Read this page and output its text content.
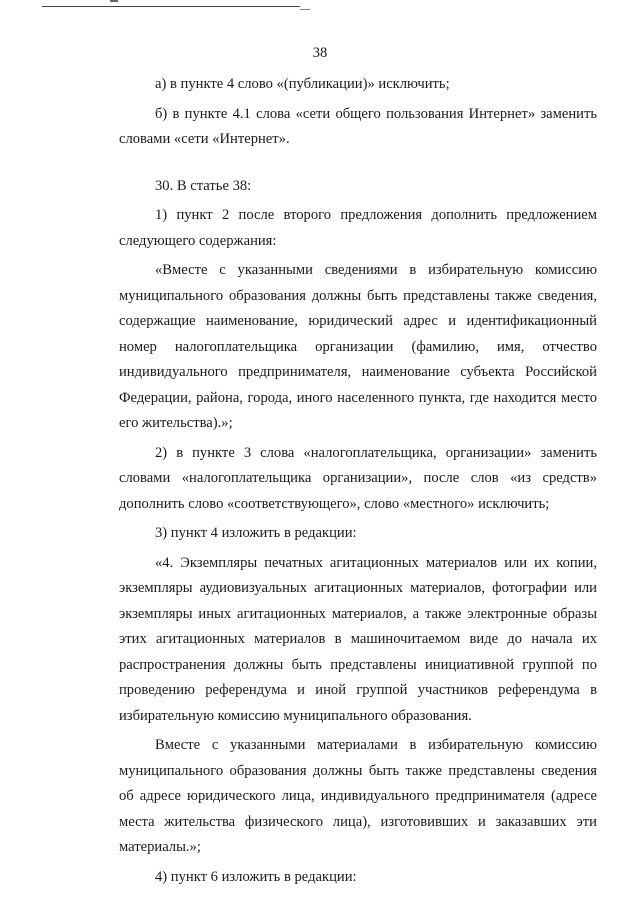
38

а) в пункте 4 слово «(публикации)» исключить;

б) в пункте 4.1 слова «сети общего пользования Интернет» заменить словами «сети «Интернет».

30. В статье 38:

1) пункт 2 после второго предложения дополнить предложением следующего содержания:

«Вместе с указанными сведениями в избирательную комиссию муниципального образования должны быть представлены также сведения, содержащие наименование, юридический адрес и идентификационный номер налогоплательщика организации (фамилию, имя, отчество индивидуального предпринимателя, наименование субъекта Российской Федерации, района, города, иного населенного пункта, где находится место его жительства).»;

2) в пункте 3 слова «налогоплательщика, организации» заменить словами «налогоплательщика организации», после слов «из средств» дополнить слово «соответствующего», слово «местного» исключить;

3) пункт 4 изложить в редакции:

«4. Экземпляры печатных агитационных материалов или их копии, экземпляры аудиовизуальных агитационных материалов, фотографии или экземпляры иных агитационных материалов, а также электронные образы этих агитационных материалов в машиночитаемом виде до начала их распространения должны быть представлены инициативной группой по проведению референдума и иной группой участников референдума в избирательную комиссию муниципального образования.

Вместе с указанными материалами в избирательную комиссию муниципального образования должны быть также представлены сведения об адресе юридического лица, индивидуального предпринимателя (адресе места жительства физического лица), изготовивших и заказавших эти материалы.»;

4) пункт 6 изложить в редакции:
